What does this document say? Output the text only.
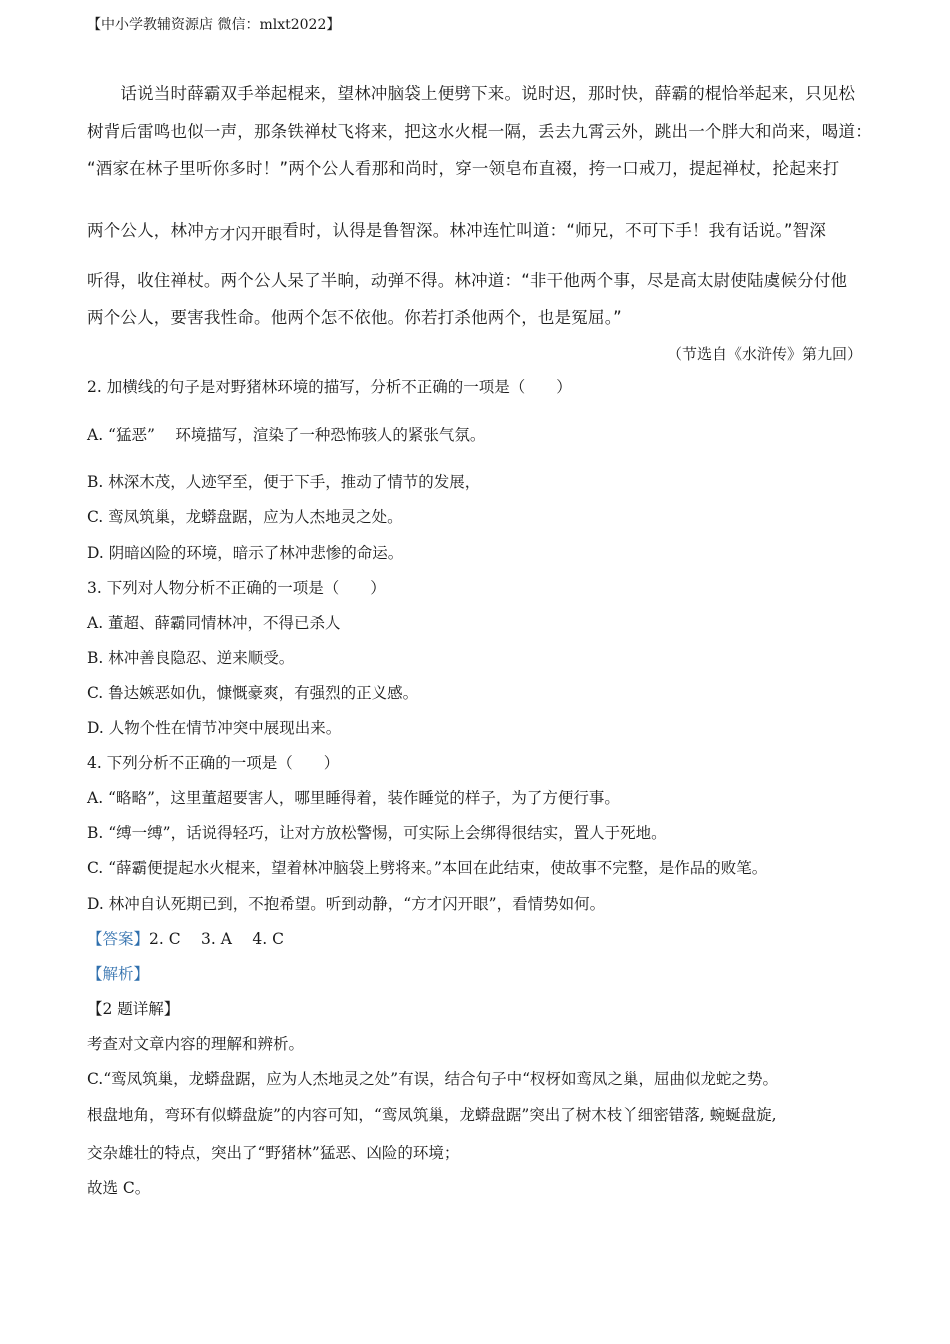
【中小学教辅资源店 微信：mlxt2022】
　　话说当时薛霸双手举起棍来，望林冲脑袋上便劈下来。说时迟，那时快，薛霸的棍恰举起来，只见松
树背后雷鸣也似一声，那条铁禅杖飞将来，把这水火棍一隔，丢去九霄云外，跳出一个胖大和尚来，喝道：
“酒家在林子里听你多时！”两个公人看那和尚时，穿一领皂布直裰，挎一口戒刀，提起禅杖，抡起来打
两个公人，林冲方才闪开眼看时，认得是鲁智深。林冲连忙叫道：“师兄，不可下手！我有话说。”智深
听得，收住禅杖。两个公人呆了半晌，动弹不得。林冲道：“非干他两个事，尽是高太尉使陆虞候分付他
两个公人，要害我性命。他两个怎不依他。你若打杀他两个，也是冤屈。”
（节选自《水浒传》第九回）
2. 加横线的句子是对野猪林环境的描写，分析不正确的一项是（　　）
A. “猛恶”　 环境描写，渲染了一种恐怖骇人的紧张气氛。
B. 林深木茂，人迹罕至，便于下手，推动了情节的发展，
C. 鸾凤筑巢，龙蟒盘踞，应为人杰地灵之处。
D. 阴暗凶险的环境，暗示了林冲悲惨的命运。
3. 下列对人物分析不正确的一项是（　　）
A. 董超、薛霸同情林冲，不得已杀人
B. 林冲善良隐忍、逆来顺受。
C. 鲁达嫉恶如仇，慷慨豪爽，有强烈的正义感。
D. 人物个性在情节冲突中展现出来。
4. 下列分析不正确的一项是（　　）
A. “略略”，这里董超要害人，哪里睡得着，装作睡觉的样子，为了方便行事。
B. “缚一缚”，话说得轻巧，让对方放松警惕，可实际上会绑得很结实，置人于死地。
C. “薛霸便提起水火棍来，望着林冲脑袋上劈将来。”本回在此结束，使故事不完整，是作品的败笔。
D. 林冲自认死期已到，不抱希望。听到动静，“方才闪开眼”，看情势如何。
【答案】2. C　 3. A　 4. C
【解析】
【2 题详解】
考查对文章内容的理解和辨析。
C.“鸾凤筑巢，龙蟒盘踞，应为人杰地灵之处”有误，结合句子中“杈枒如鸾凤之巢，屈曲似龙蛇之势。
根盘地角，弯环有似蟒盘旋”的内容可知，“鸾凤筑巢，龙蟒盘踞”突出了树木枝丫细密错落, 蜿蜒盘旋,
交杂雄壮的特点，突出了“野猪林”猛恶、凶险的环境；
故选 C。
